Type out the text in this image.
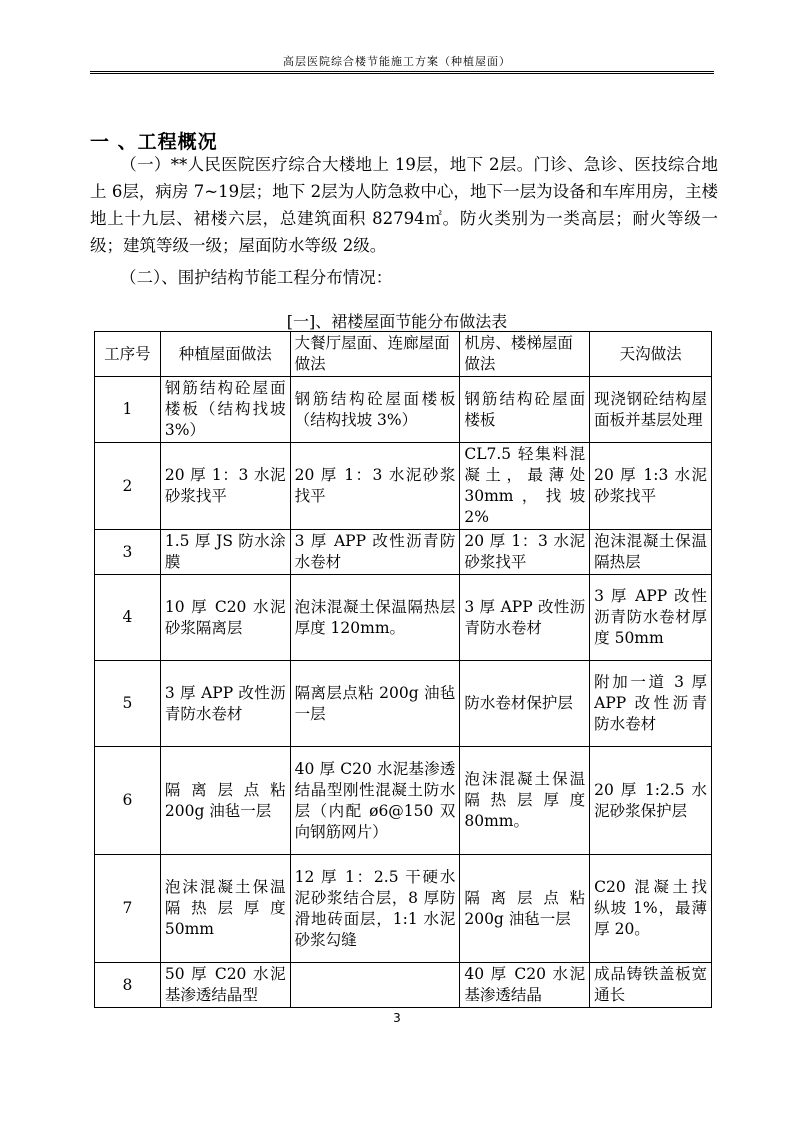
高层医院综合楼节能施工方案（种植屋面）
一 、工程概况
（一）**人民医院医疗综合大楼地上 19层，地下 2层。门诊、急诊、医技综合地上 6层，病房 7~19层；地下 2层为人防急救中心，地下一层为设备和车库用房，主楼地上十九层、裙楼六层，总建筑面积 82794㎡。防火类别为一类高层；耐火等级一级；建筑等级一级；屋面防水等级 2级。
（二）、围护结构节能工程分布情况：
[一]、裙楼屋面节能分布做法表
工序号	种植屋面做法	大餐厅屋面、连廊屋面做法	机房、楼梯屋面做法	天沟做法
1	钢筋结构砼屋面楼板（结构找坡 3%）	钢筋结构砼屋面楼板（结构找坡 3%）	钢筋结构砼屋面楼板	现浇钢砼结构屋面板并基层处理
2	20 厚 1：3 水泥砂浆找平	20 厚 1：3 水泥砂浆找平	CL7.5 轻集料混凝土，最薄处 30mm，找坡 2%	20 厚 1:3 水泥砂浆找平
3	1.5 厚 JS 防水涂膜	3 厚 APP 改性沥青防水卷材	20 厚 1：3 水泥砂浆找平	泡沫混凝土保温隔热层
4	10 厚 C20 水泥砂浆隔离层	泡沫混凝土保温隔热层厚度 120mm。	3 厚 APP 改性沥青防水卷材	3 厚 APP 改性沥青防水卷材厚度 50mm
5	3 厚 APP 改性沥青防水卷材	隔离层点粘 200g 油毡一层	防水卷材保护层	附加一道 3 厚 APP 改性沥青防水卷材
6	隔离层点粘 200g 油毡一层	40 厚 C20 水泥基渗透结晶型刚性混凝土防水层（内配 ø6@150 双向钢筋网片）	泡沫混凝土保温隔热层厚度 80mm。	20 厚 1:2.5 水泥砂浆保护层
7	泡沫混凝土保温隔热层厚度 50mm	12 厚 1：2.5 干硬水泥砂浆结合层，8 厚防滑地砖面层，1:1 水泥砂浆勾缝	隔离层点粘 200g 油毡一层	C20 混凝土找纵坡 1%，最薄厚 20。
8	50 厚 C20 水泥基渗透结晶型		40 厚 C20 水泥基渗透结晶	成品铸铁盖板宽通长
3
